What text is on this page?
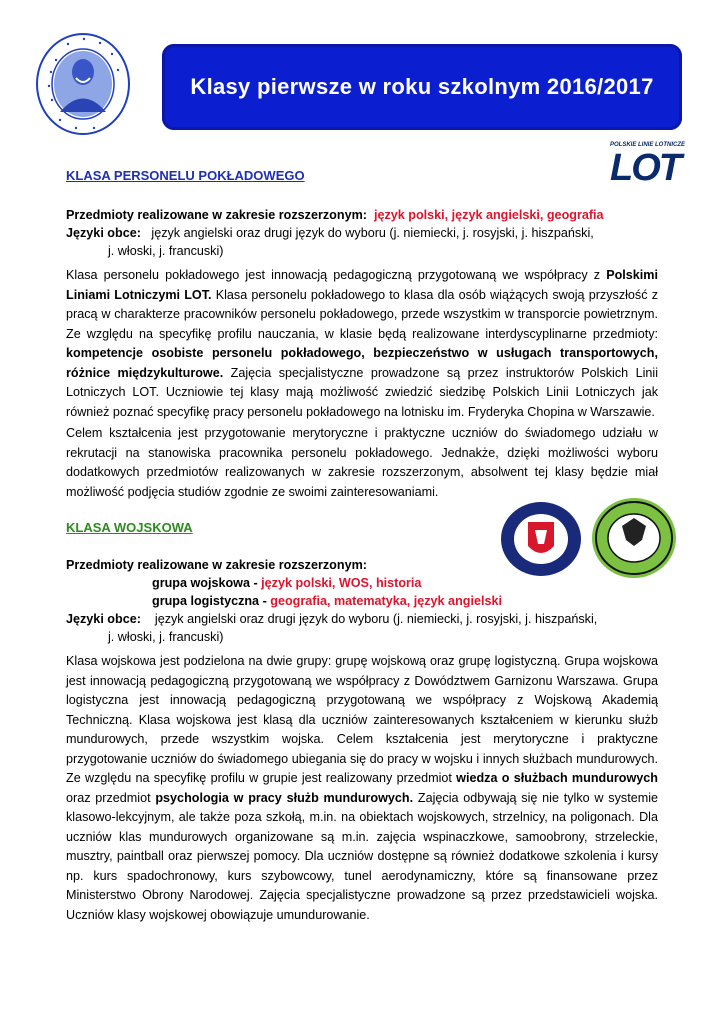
Klasy pierwsze w roku szkolnym 2016/2017
POLSKIE LINIE LOTNICZE
LOT
KLASA PERSONELU POKŁADOWEGO
Przedmioty realizowane w zakresie rozszerzonym: język polski, język angielski, geografia
Języki obce: język angielski oraz drugi język do wyboru (j. niemiecki, j. rosyjski, j. hiszpański,
j. włoski, j. francuski)
Klasa personelu pokładowego jest innowacją pedagogiczną przygotowaną we współpracy z Polskimi Liniami Lotniczymi LOT. Klasa personelu pokładowego to klasa dla osób wiążących swoją przyszłość z pracą w charakterze pracowników personelu pokładowego, przede wszystkim w transporcie powietrznym. Ze względu na specyfikę profilu nauczania, w klasie będą realizowane interdyscyplinarne przedmioty: kompetencje osobiste personelu pokładowego, bezpieczeństwo w usługach transportowych, różnice międzykulturowe. Zajęcia specjalistyczne prowadzone są przez instruktorów Polskich Linii Lotniczych LOT. Uczniowie tej klasy mają możliwość zwiedzić siedzibę Polskich Linii Lotniczych jak również poznać specyfikę pracy personelu pokładowego na lotnisku im. Fryderyka Chopina w Warszawie.
Celem kształcenia jest przygotowanie merytoryczne i praktyczne uczniów do świadomego udziału w rekrutacji na stanowiska pracownika personelu pokładowego. Jednakże, dzięki możliwości wyboru dodatkowych przedmiotów realizowanych w zakresie rozszerzonym, absolwent tej klasy będzie miał możliwość podjęcia studiów zgodnie ze swoimi zainteresowaniami.
KLASA WOJSKOWA
Przedmioty realizowane w zakresie rozszerzonym:
grupa wojskowa - język polski, WOS, historia
grupa logistyczna - geografia, matematyka, język angielski
Języki obce: język angielski oraz drugi język do wyboru (j. niemiecki, j. rosyjski, j. hiszpański,
j. włoski, j. francuski)
Klasa wojskowa jest podzielona na dwie grupy: grupę wojskową oraz grupę logistyczną. Grupa wojskowa jest innowacją pedagogiczną przygotowaną we współpracy z Dowództwem Garnizonu Warszawa. Grupa logistyczna jest innowacją pedagogiczną przygotowaną we współpracy z Wojskową Akademią Techniczną. Klasa wojskowa jest klasą dla uczniów zainteresowanych kształceniem w kierunku służb mundurowych, przede wszystkim wojska. Celem kształcenia jest merytoryczne i praktyczne przygotowanie uczniów do świadomego ubiegania się do pracy w wojsku i innych służbach mundurowych. Ze względu na specyfikę profilu w grupie jest realizowany przedmiot wiedza o służbach mundurowych oraz przedmiot psychologia w pracy służb mundurowych. Zajęcia odbywają się nie tylko w systemie klasowo-lekcyjnym, ale także poza szkołą, m.in. na obiektach wojskowych, strzelnicy, na poligonach. Dla uczniów klas mundurowych organizowane są m.in. zajęcia wspinaczkowe, samoobrony, strzeleckie, musztry, paintball oraz pierwszej pomocy. Dla uczniów dostępne są również dodatkowe szkolenia i kursy np. kurs spadochronowy, kurs szybowcowy, tunel aerodynamiczny, które są finansowane przez Ministerstwo Obrony Narodowej. Zajęcia specjalistyczne prowadzone są przez przedstawicieli wojska. Uczniów klasy wojskowej obowiązuje umundurowanie.
